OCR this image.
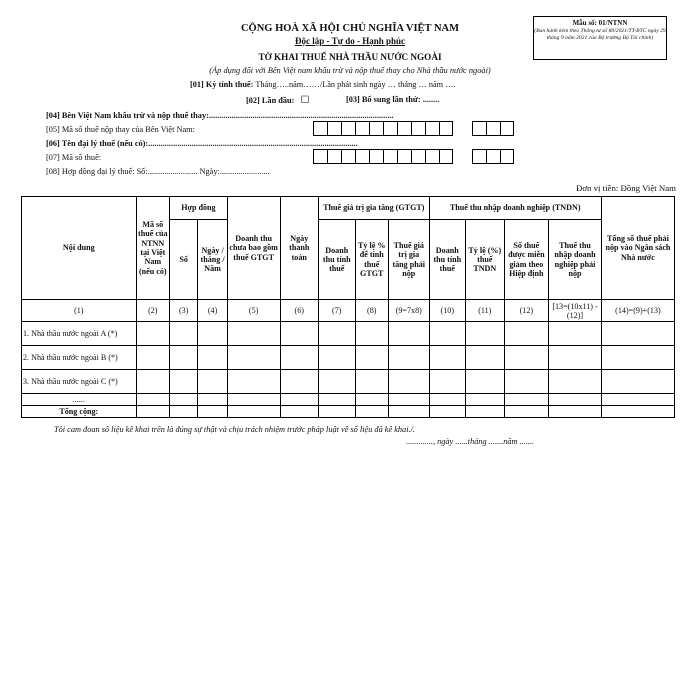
Mẫu số: 01/NTNN
(Ban hành kèm theo Thông tư số 80/2021/TT-BTC ngày 29 tháng 9 năm 2021 của Bộ trưởng Bộ Tài chính)
CỘNG HOÀ XÃ HỘI CHỦ NGHĨA VIỆT NAM
Độc lập - Tự do - Hạnh phúc
TỜ KHAI THUẾ NHÀ THẦU NƯỚC NGOÀI
(Áp dụng đối với Bên Việt nam khấu trừ và nộp thuế thay cho Nhà thầu nước ngoài)
[01] Kỳ tính thuế: Tháng…..năm……/Lần phát sinh ngày … tháng … năm ….
[02] Lần đầu: ☐	[03] Bổ sung lần thứ: ........
[04] Bên Việt Nam khấu trừ và nộp thuế thay:.........................................................................................
[05] Mã số thuế nộp thay của Bên Việt Nam:
[06] Tên đại lý thuế (nếu có):.....................................................................................................
[07] Mã số thuế:
[08] Hợp đồng đại lý thuế: Số:........................ Ngày:........................
Đơn vị tiền: Đồng Việt Nam
Nội dung	Mã số thuế của NTNN tại Việt Nam (nếu có)	Hợp đồng		Doanh thu chưa bao gồm thuế GTGT	Ngày thanh toán	Thuế giá trị gia tăng (GTGT)			Thuế thu nhập doanh nghiệp (TNDN)				Tổng số thuế phải nộp vào Ngân sách Nhà nước
		Số	Ngày / tháng / Năm			Doanh thu tính thuế	Tỷ lệ % để tính thuế GTGT	Thuế giá trị gia tăng phải nộp	Doanh thu tính thuế	Tỷ lệ (%) thuế TNDN	Số thuế được miễn giảm theo Hiệp định	Thuế thu nhập doanh nghiệp phải nộp	

(1)	(2)	(3)	(4)	(5)	(6)	(7)	(8)	(9=7x8)	(10)	(11)	(12)	[13=(10x11) -(12)]	(14)=(9)+(13)
1. Nhà thầu nước ngoài A (*)													
2. Nhà thầu nước ngoài B (*)													
3. Nhà thầu nước ngoài C (*)													
......													
Tổng cộng:													
Tôi cam đoan số liệu kê khai trên là đúng sự thật và chịu trách nhiệm trước pháp luật về số liệu đã kê khai./.
............., ngày ......tháng .......năm .......
